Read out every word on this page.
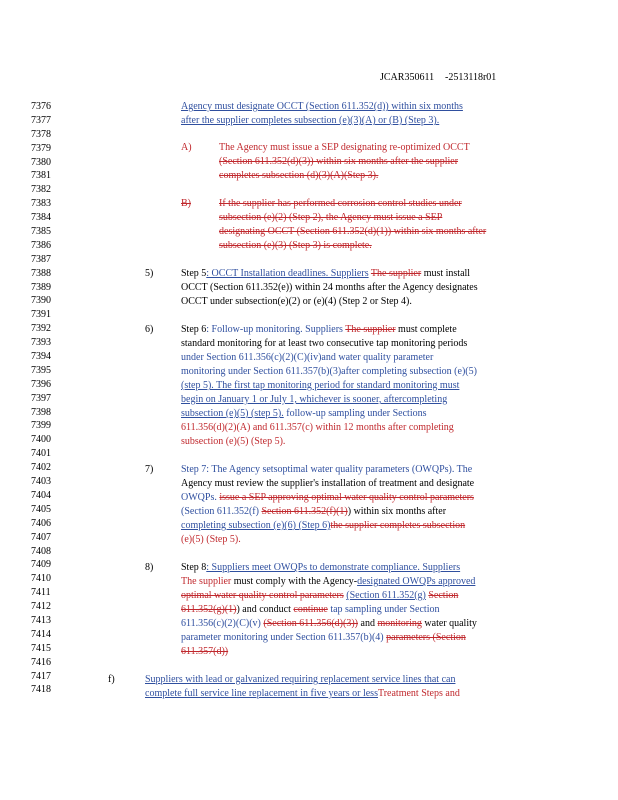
JCAR350611 -2513118r01
7376
7377
7378
7379
7380
7381
7382
7383
7384
7385
7386
7387
7388
7389
7390
7391
7392
7393
7394
7395
7396
7397
7398
7399
7400
7401
7402
7403
7404
7405
7406
7407
7408
7409
7410
7411
7412
7413
7414
7415
7416
7417
7418
Agency must designate OCCT (Section 611.352(d)) within six months
after the supplier completes subsection (e)(3)(A) or (B) (Step 3).
A)	The Agency must issue a SEP designating re-optimized OCCT
(Section 611.352(d)(3)) within six months after the supplier
completes subsection (d)(3)(A)(Step 3).
B)	If the supplier has performed corrosion control studies under
subsection (e)(2) (Step 2), the Agency must issue a SEP
designating OCCT (Section 611.352(d)(1)) within six months after
subsection (e)(3) (Step 3) is complete.
5)	Step 5: OCCT Installation deadlines. Suppliers The supplier must install
OCCT (Section 611.352(e)) within 24 months after the Agency designates
OCCT under subsection(e)(2) or (e)(4) (Step 2 or Step 4).
6)	Step 6: Follow-up monitoring. Suppliers The supplier must complete
standard monitoring for at least two consecutive tap monitoring periods
under Section 611.356(c)(2)(C)(iv)and water quality parameter
monitoring under Section 611.357(b)(3)after completing subsection (e)(5)
(step 5). The first tap monitoring period for standard monitoring must
begin on January 1 or July 1, whichever is sooner, aftercompleting
subsection (e)(5) (step 5). follow-up sampling under Sections
611.356(d)(2)(A) and 611.357(c) within 12 months after completing
subsection (e)(5) (Step 5).
7)	Step 7: The Agency setsoptimal water quality parameters (OWQPs). The
Agency must review the supplier's installation of treatment and designate
OWQPs. issue a SEP approving optimal water quality control parameters
(Section 611.352(f) Section 611.352(f)(1)) within six months after
completing subsection (e)(6) (Step 6)the supplier completes subsection
(e)(5) (Step 5).
8)	Step 8: Suppliers meet OWQPs to demonstrate compliance. Suppliers
The supplier must comply with the Agency-designated OWQPs approved
optimal water quality control parameters (Section 611.352(g) Section
611.352(g)(1)) and conduct continue tap sampling under Section
611.356(c)(2)(C)(v) (Section 611.356(d)(3)) and monitoring water quality
parameter monitoring under Section 611.357(b)(4) parameters (Section
611.357(d))
f)	Suppliers with lead or galvanized requiring replacement service lines that can
complete full service line replacement in five years or lessTreatment Steps and
